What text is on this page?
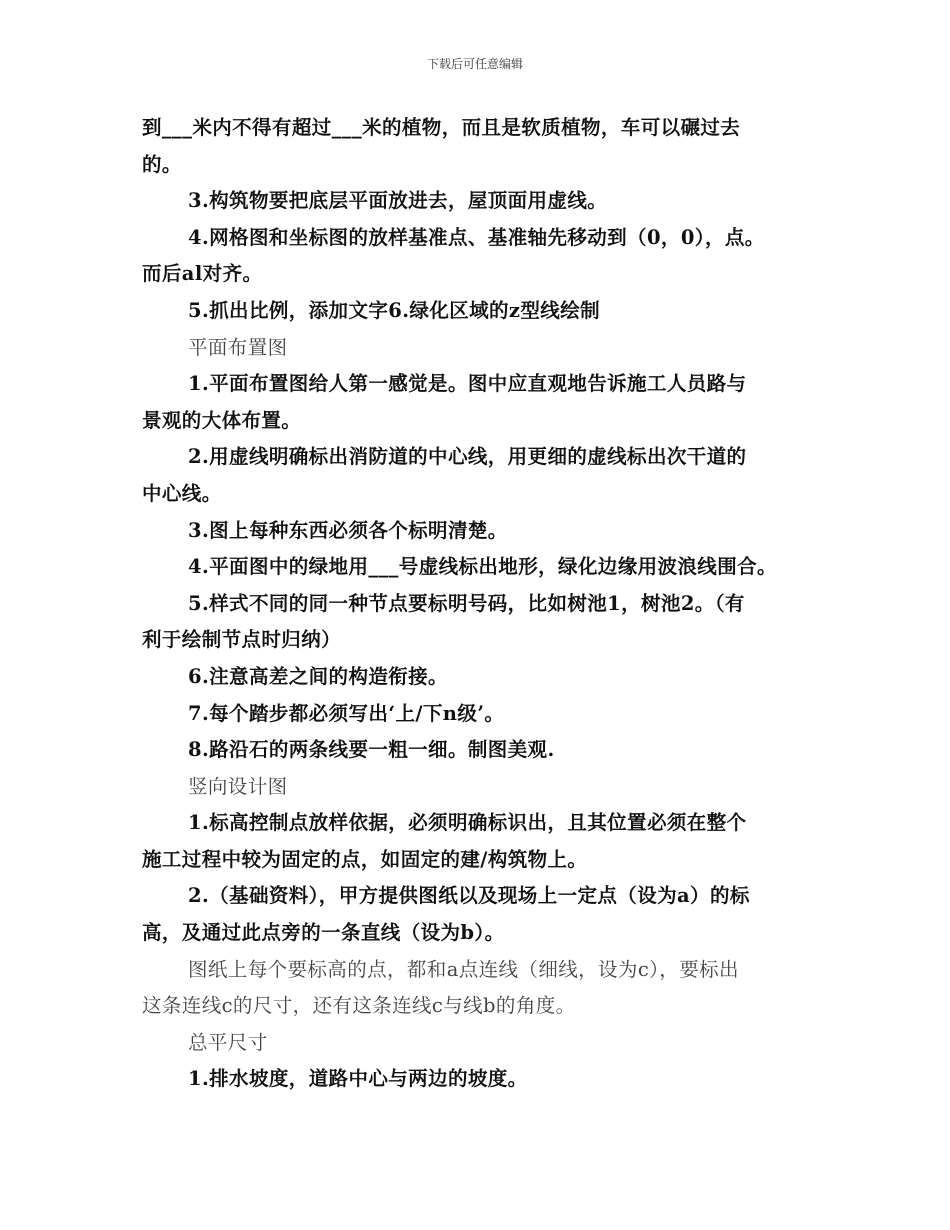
下载后可任意编辑
到___米内不得有超过___米的植物，而且是软质植物，车可以碾过去
的。
3.构筑物要把底层平面放进去，屋顶面用虚线。
4.网格图和坐标图的放样基准点、基准轴先移动到（0，0），点。
而后al对齐。
5.抓出比例，添加文字6.绿化区域的z型线绘制
平面布置图
1.平面布置图给人第一感觉是。图中应直观地告诉施工人员路与
景观的大体布置。
2.用虚线明确标出消防道的中心线，用更细的虚线标出次干道的
中心线。
3.图上每种东西必须各个标明清楚。
4.平面图中的绿地用___号虚线标出地形，绿化边缘用波浪线围合。
5.样式不同的同一种节点要标明号码，比如树池1，树池2。（有
利于绘制节点时归纳）
6.注意高差之间的构造衔接。
7.每个踏步都必须写出‘上/下n级’。
8.路沿石的两条线要一粗一细。制图美观.
竖向设计图
1.标高控制点放样依据，必须明确标识出，且其位置必须在整个
施工过程中较为固定的点，如固定的建/构筑物上。
2.（基础资料），甲方提供图纸以及现场上一定点（设为a）的标
高，及通过此点旁的一条直线（设为b）。
图纸上每个要标高的点，都和a点连线（细线，设为c），要标出
这条连线c的尺寸，还有这条连线c与线b的角度。
总平尺寸
1.排水坡度，道路中心与两边的坡度。
